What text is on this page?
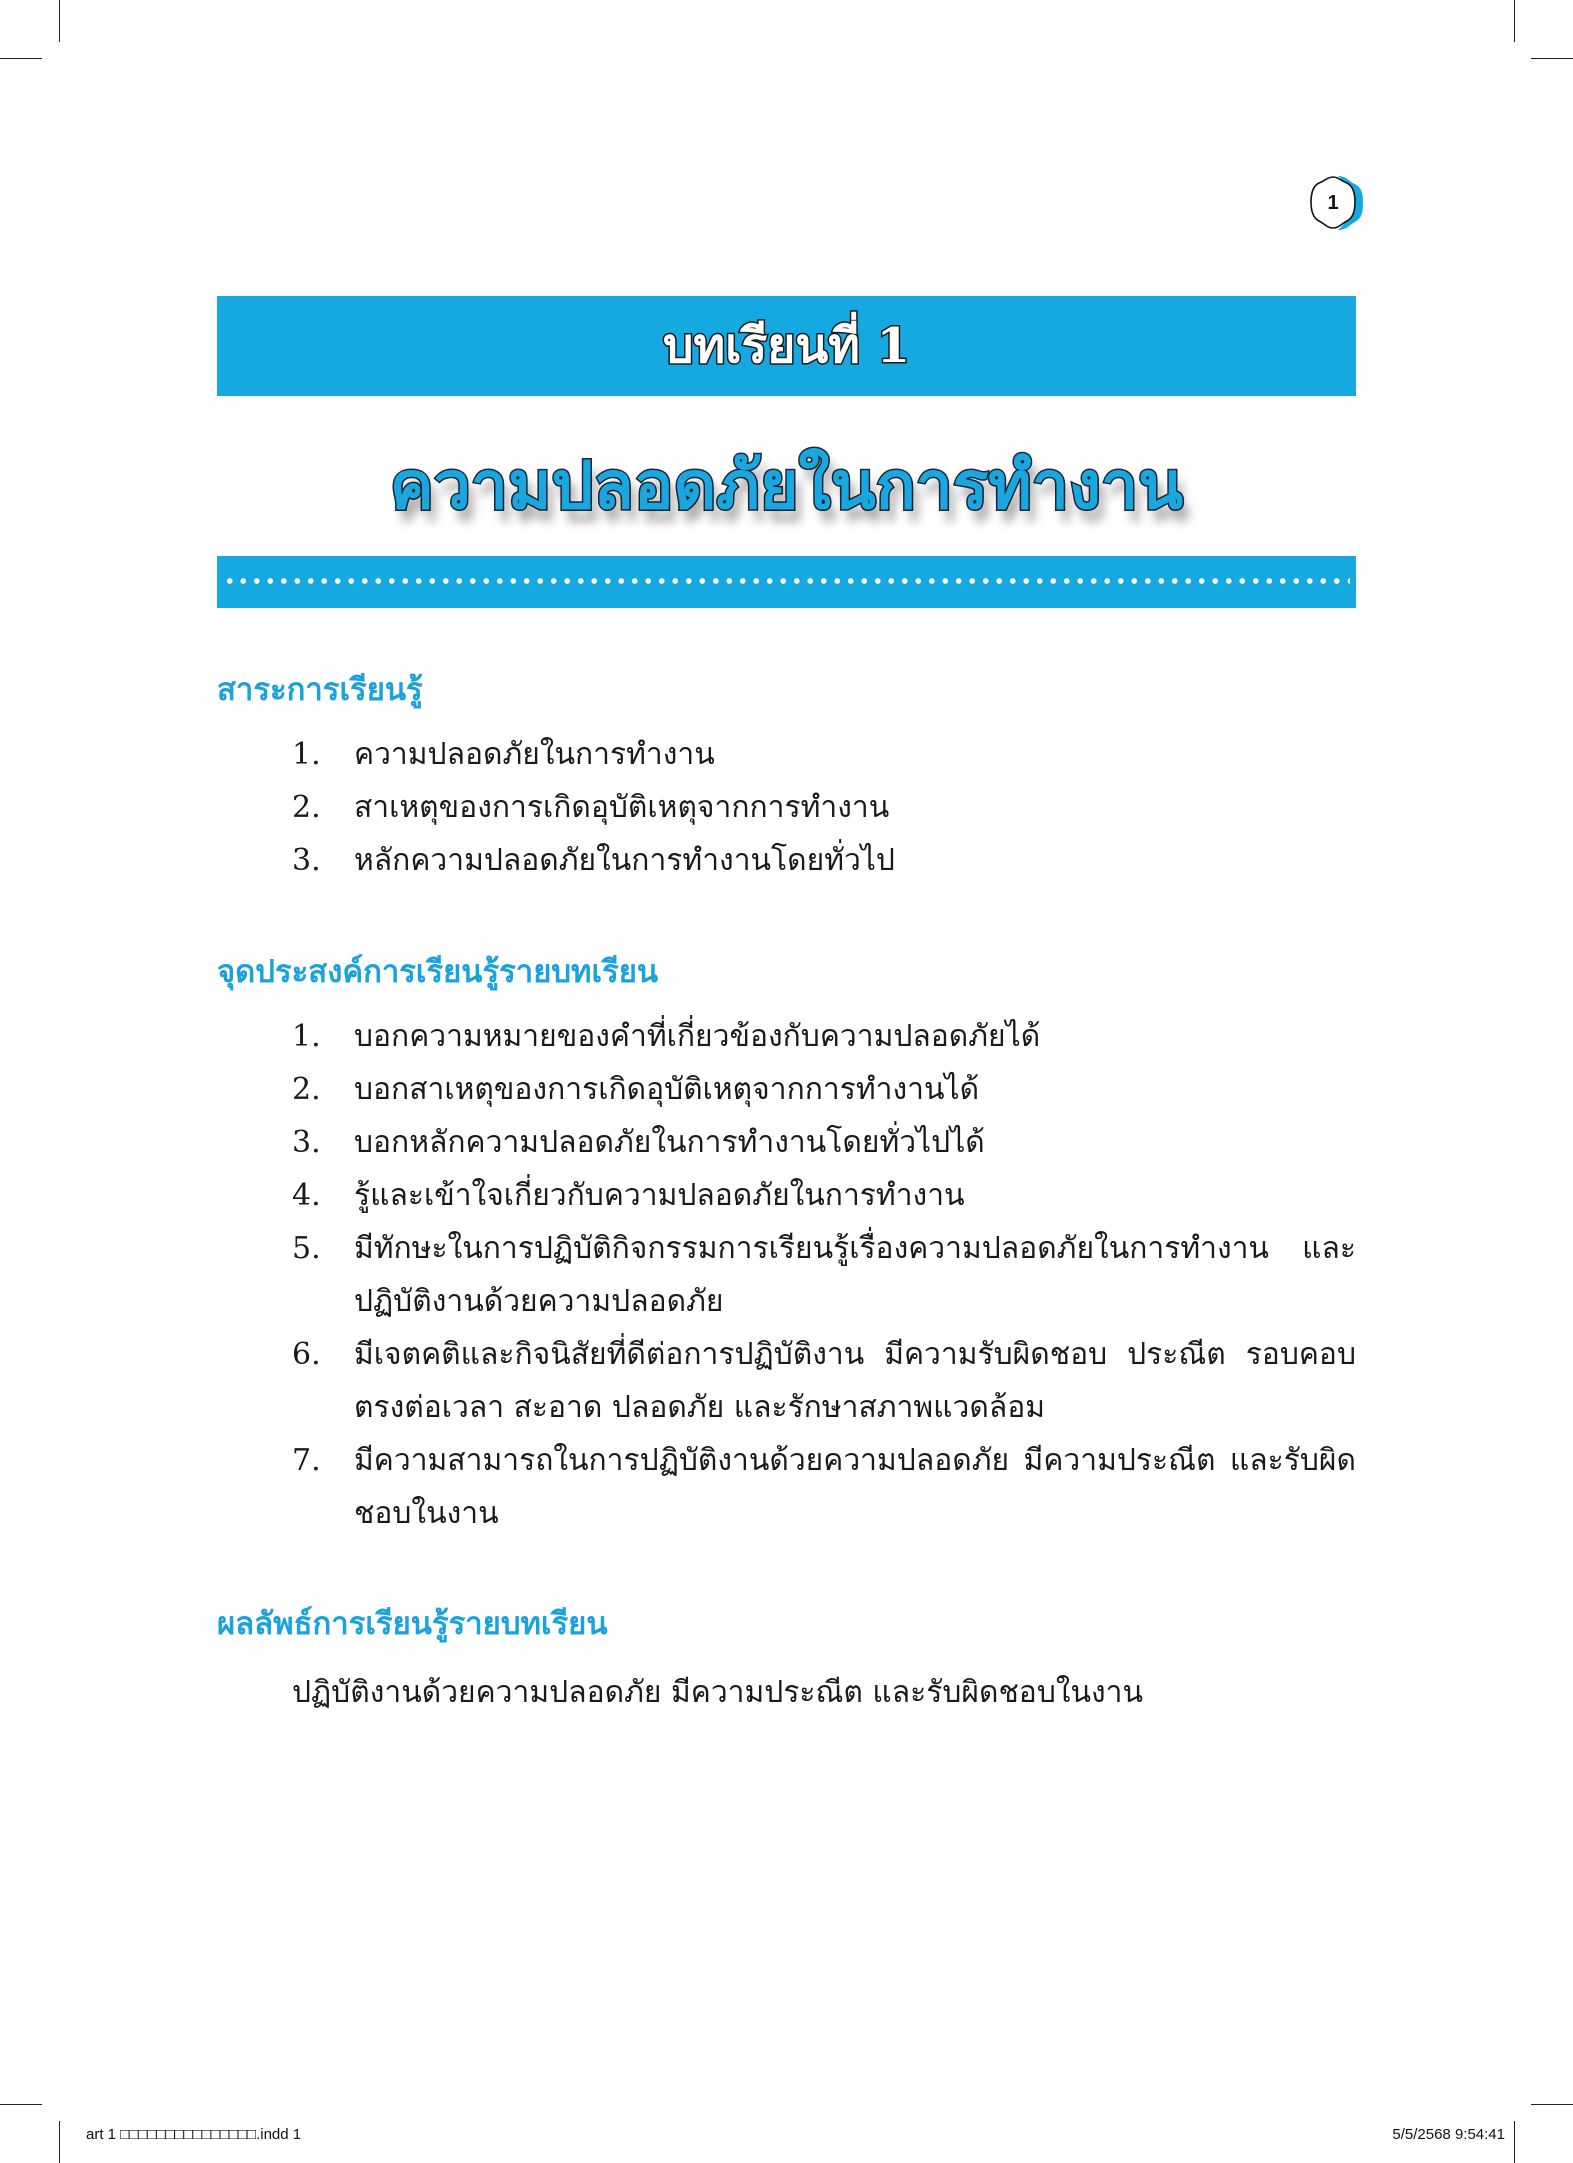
1
บทเรียนที่ 1
ความปลอดภัยในการทำงาน
สาระการเรียนรู้
1. ความปลอดภัยในการทำงาน
2. สาเหตุของการเกิดอุบัติเหตุจากการทำงาน
3. หลักความปลอดภัยในการทำงานโดยทั่วไป
จุดประสงค์การเรียนรู้รายบทเรียน
1. บอกความหมายของคำที่เกี่ยวข้องกับความปลอดภัยได้
2. บอกสาเหตุของการเกิดอุบัติเหตุจากการทำงานได้
3. บอกหลักความปลอดภัยในการทำงานโดยทั่วไปได้
4. รู้และเข้าใจเกี่ยวกับความปลอดภัยในการทำงาน
5. มีทักษะในการปฏิบัติกิจกรรมการเรียนรู้เรื่องความปลอดภัยในการทำงาน และปฏิบัติงานด้วยความปลอดภัย
6. มีเจตคติและกิจนิสัยที่ดีต่อการปฏิบัติงาน มีความรับผิดชอบ ประณีต รอบคอบ ตรงต่อเวลา สะอาด ปลอดภัย และรักษาสภาพแวดล้อม
7. มีความสามารถในการปฏิบัติงานด้วยความปลอดภัย มีความประณีต และรับผิดชอบในงาน
ผลลัพธ์การเรียนรู้รายบทเรียน

ปฏิบัติงานด้วยความปลอดภัย มีความประณีต และรับผิดชอบในงาน

art 1 □□□□□□□□□□□□□□□.indd 1	5/5/2568 9:54:41
